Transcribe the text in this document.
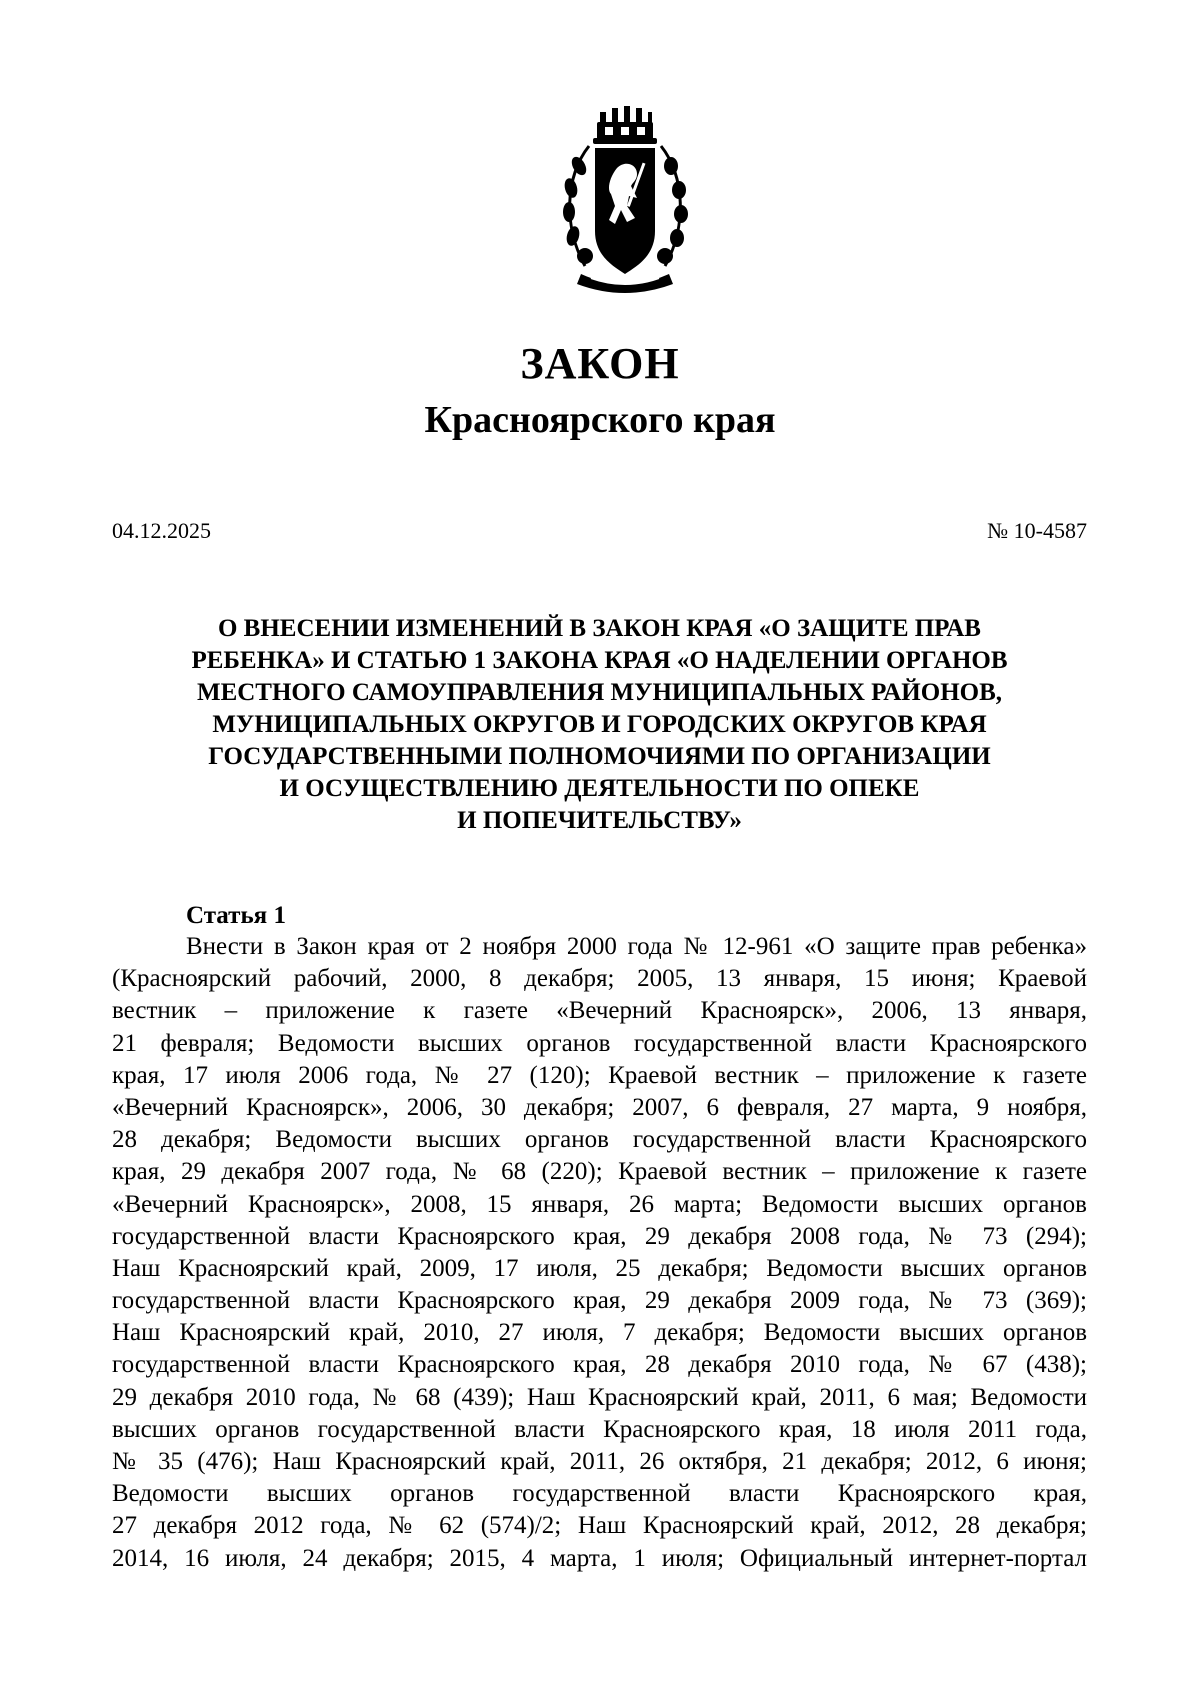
ЗАКОН
Красноярского края
04.12.2025	№ 10-4587
О ВНЕСЕНИИ ИЗМЕНЕНИЙ В ЗАКОН КРАЯ «О ЗАЩИТЕ ПРАВ
РЕБЕНКА» И СТАТЬЮ 1 ЗАКОНА КРАЯ «О НАДЕЛЕНИИ ОРГАНОВ
МЕСТНОГО САМОУПРАВЛЕНИЯ МУНИЦИПАЛЬНЫХ РАЙОНОВ,
МУНИЦИПАЛЬНЫХ ОКРУГОВ И ГОРОДСКИХ ОКРУГОВ КРАЯ
ГОСУДАРСТВЕННЫМИ ПОЛНОМОЧИЯМИ ПО ОРГАНИЗАЦИИ
И ОСУЩЕСТВЛЕНИЮ ДЕЯТЕЛЬНОСТИ ПО ОПЕКЕ
И ПОПЕЧИТЕЛЬСТВУ»
Статья 1
Внести в Закон края от 2 ноября 2000 года № 12-961 «О защите прав ребенка»
(Красноярский рабочий, 2000, 8 декабря; 2005, 13 января, 15 июня; Краевой
вестник – приложение к газете «Вечерний Красноярск», 2006, 13 января,
21 февраля; Ведомости высших органов государственной власти Красноярского
края, 17 июля 2006 года, № 27 (120); Краевой вестник – приложение к газете
«Вечерний Красноярск», 2006, 30 декабря; 2007, 6 февраля, 27 марта, 9 ноября,
28 декабря; Ведомости высших органов государственной власти Красноярского
края, 29 декабря 2007 года, № 68 (220); Краевой вестник – приложение к газете
«Вечерний Красноярск», 2008, 15 января, 26 марта; Ведомости высших органов
государственной власти Красноярского края, 29 декабря 2008 года, № 73 (294);
Наш Красноярский край, 2009, 17 июля, 25 декабря; Ведомости высших органов
государственной власти Красноярского края, 29 декабря 2009 года, № 73 (369);
Наш Красноярский край, 2010, 27 июля, 7 декабря; Ведомости высших органов
государственной власти Красноярского края, 28 декабря 2010 года, № 67 (438);
29 декабря 2010 года, № 68 (439); Наш Красноярский край, 2011, 6 мая; Ведомости
высших органов государственной власти Красноярского края, 18 июля 2011 года,
№ 35 (476); Наш Красноярский край, 2011, 26 октября, 21 декабря; 2012, 6 июня;
Ведомости высших органов государственной власти Красноярского края,
27 декабря 2012 года, № 62 (574)/2; Наш Красноярский край, 2012, 28 декабря;
2014, 16 июля, 24 декабря; 2015, 4 марта, 1 июля; Официальный интернет-портал
